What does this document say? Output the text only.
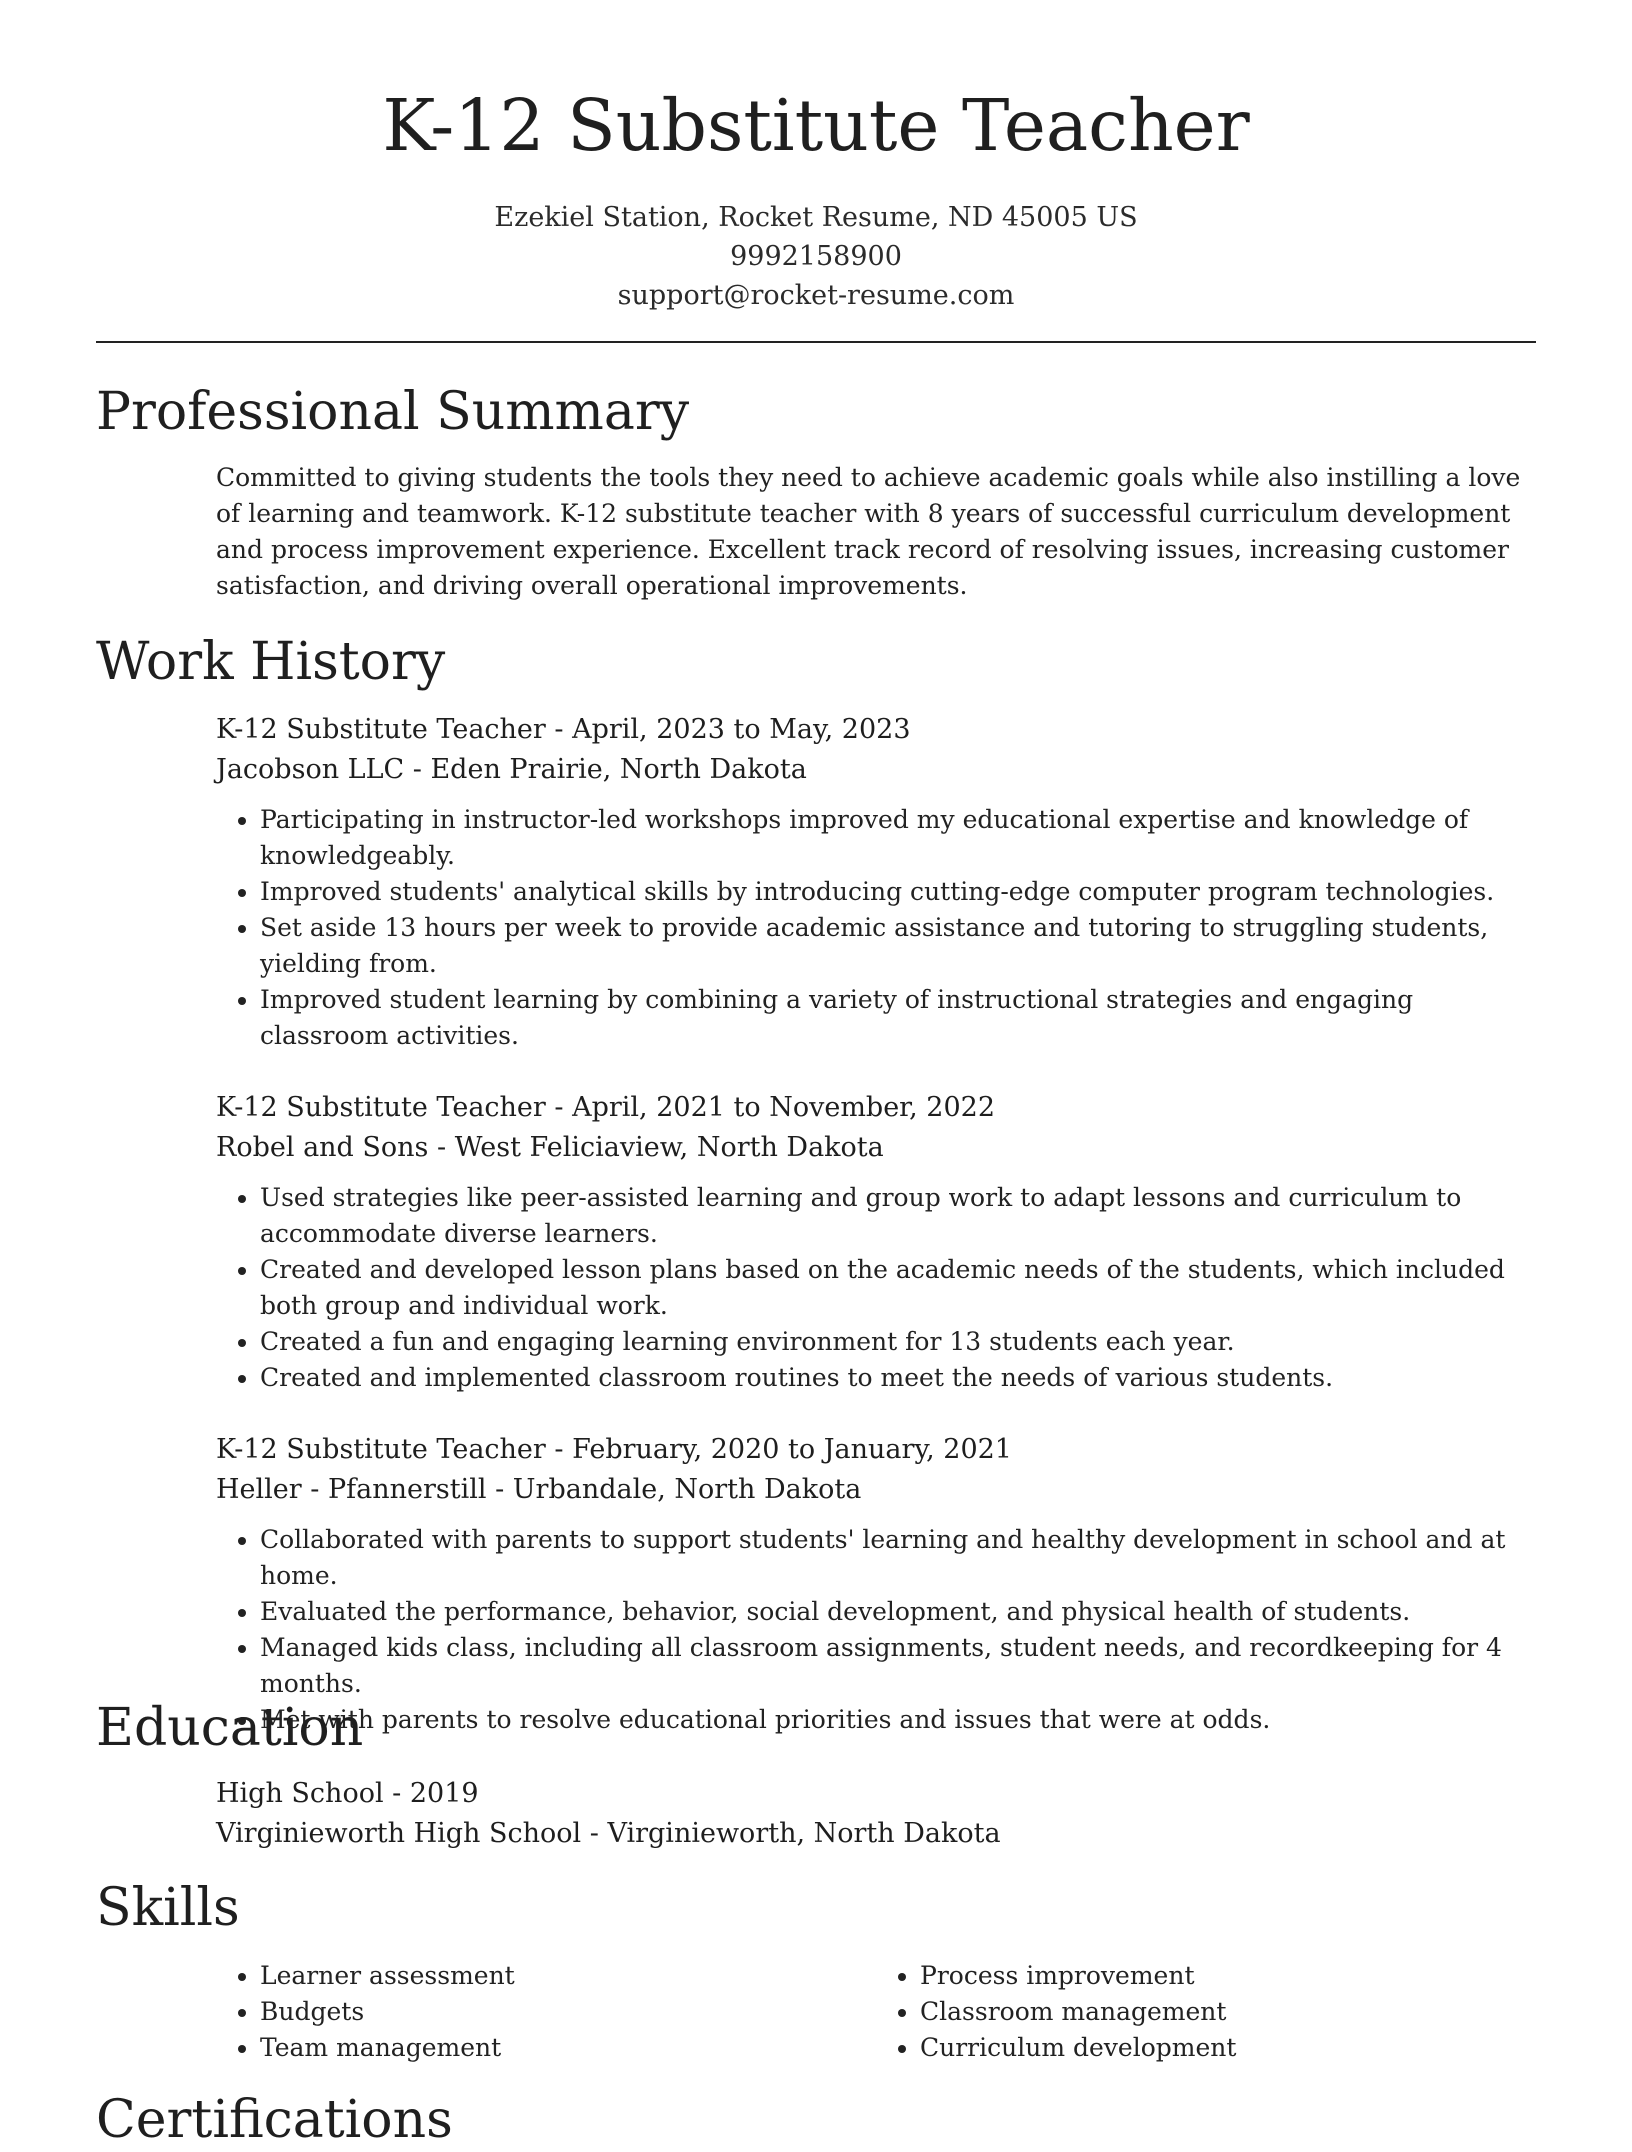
K-12 Substitute Teacher
Ezekiel Station, Rocket Resume, ND 45005 US
9992158900
support@rocket-resume.com
Professional Summary

Committed to giving students the tools they need to achieve academic goals while also instilling a love of learning and teamwork. K-12 substitute teacher with 8 years of successful curriculum development and process improvement experience. Excellent track record of resolving issues, increasing customer satisfaction, and driving overall operational improvements.

Work History
K-12 Substitute Teacher - April, 2023 to May, 2023
Jacobson LLC - Eden Prairie, North Dakota
• Participating in instructor-led workshops improved my educational expertise and knowledge of knowledgeably.
• Improved students' analytical skills by introducing cutting-edge computer program technologies.
• Set aside 13 hours per week to provide academic assistance and tutoring to struggling students, yielding from.
• Improved student learning by combining a variety of instructional strategies and engaging classroom activities.
K-12 Substitute Teacher - April, 2021 to November, 2022
Robel and Sons - West Feliciaview, North Dakota
• Used strategies like peer-assisted learning and group work to adapt lessons and curriculum to accommodate diverse learners.
• Created and developed lesson plans based on the academic needs of the students, which included both group and individual work.
• Created a fun and engaging learning environment for 13 students each year.
• Created and implemented classroom routines to meet the needs of various students.
K-12 Substitute Teacher - February, 2020 to January, 2021
Heller - Pfannerstill - Urbandale, North Dakota
• Collaborated with parents to support students' learning and healthy development in school and at home.
• Evaluated the performance, behavior, social development, and physical health of students.
• Managed kids class, including all classroom assignments, student needs, and recordkeeping for 4 months.
• Met with parents to resolve educational priorities and issues that were at odds.
Education
High School - 2019
Virginieworth High School - Virginieworth, North Dakota
Skills
• Learner assessment
• Budgets
• Team management
• Process improvement
• Classroom management
• Curriculum development
Certifications
